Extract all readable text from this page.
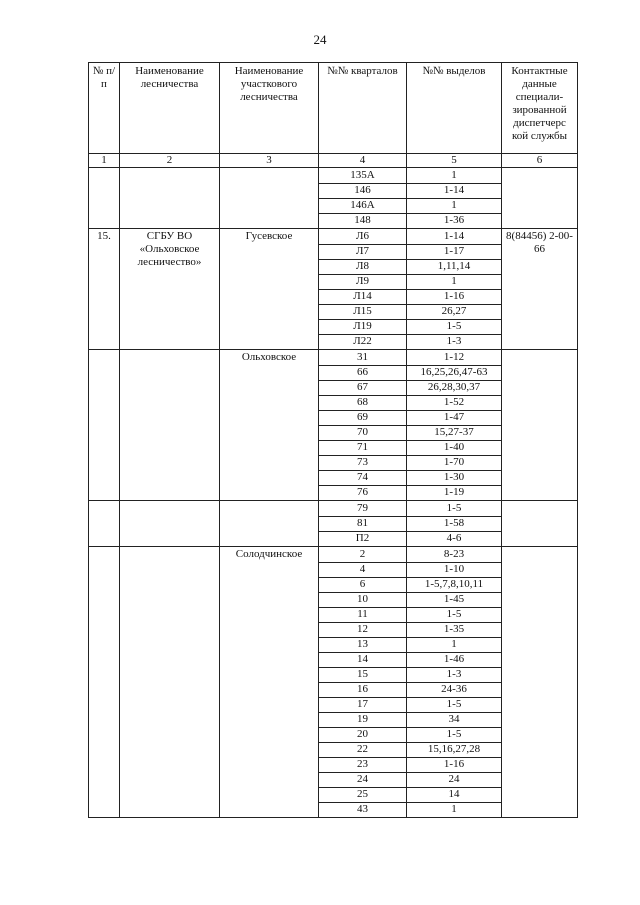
24
№ п/п	Наименование лесничества	Наименование участкового лесничества	№№ кварталов	№№ выделов	Контактные данные специали-зированной диспетчерс кой службы
1	2	3	4	5	6
			135А	1	
			146	1-14	
			146А	1	
			148	1-36	
15.	СГБУ ВО «Ольховское лесничество»	Гусевское	Л6	1-14	8(84456) 2-00-66
			Л7	1-17	
			Л8	1,11,14	
			Л9	1	
			Л14	1-16	
			Л15	26,27	
			Л19	1-5	
			Л22	1-3	
		Ольховское	31	1-12	
			66	16,25,26,47-63	
			67	26,28,30,37	
			68	1-52	
			69	1-47	
			70	15,27-37	
			71	1-40	
			73	1-70	
			74	1-30	
			76	1-19	
			79	1-5	
			81	1-58	
			П2	4-6	
		Солодчинское	2	8-23	
			4	1-10	
			6	1-5,7,8,10,11	
			10	1-45	
			11	1-5	
			12	1-35	
			13	1	
			14	1-46	
			15	1-3	
			16	24-36	
			17	1-5	
			19	34	
			20	1-5	
			22	15,16,27,28	
			23	1-16	
			24	24	
			25	14	
			43	1	
